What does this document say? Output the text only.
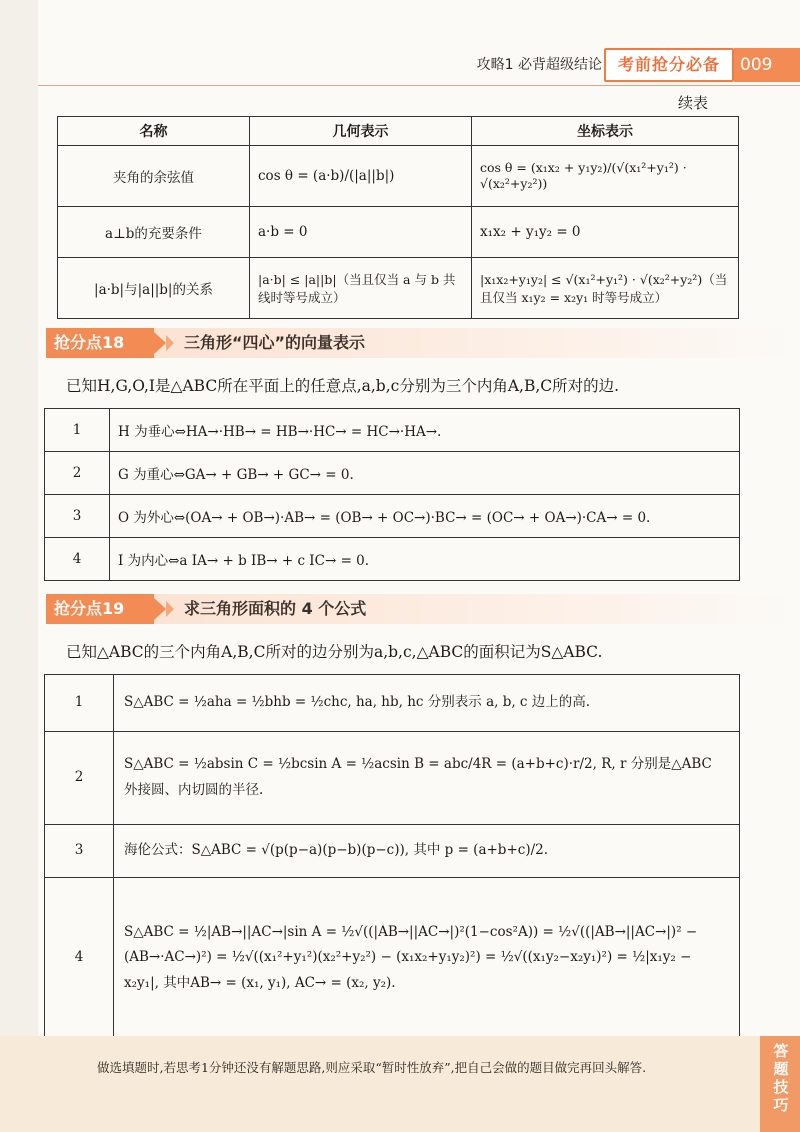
攻略1 必背超级结论 考前抢分必备	009
续表
名称	几何表示	坐标表示
夹角的余弦值	cos θ = (a·b)/(|a||b|)	cos θ = (x₁x₂ + y₁y₂)/(√(x₁²+y₁²) · √(x₂²+y₂²))
a⊥b的充要条件	a·b = 0	x₁x₂ + y₁y₂ = 0
|a·b|与|a||b|的关系	|a·b| ≤ |a||b|（当且仅当 a 与 b 共线时等号成立）	|x₁x₂+y₁y₂| ≤ √(x₁²+y₁²) · √(x₂²+y₂²)（当且仅当 x₁y₂ = x₂y₁ 时等号成立）
抢分点18	三角形“四心”的向量表示
已知H,G,O,I是△ABC所在平面上的任意点,a,b,c分别为三个内角A,B,C所对的边.
1	H 为垂心⇔HA→·HB→ = HB→·HC→ = HC→·HA→.
2	G 为重心⇔GA→ + GB→ + GC→ = 0.
3	O 为外心⇔(OA→ + OB→)·AB→ = (OB→ + OC→)·BC→ = (OC→ + OA→)·CA→ = 0.
4	I 为内心⇔a IA→ + b IB→ + c IC→ = 0.
抢分点19	求三角形面积的 4 个公式
已知△ABC的三个内角A,B,C所对的边分别为a,b,c,△ABC的面积记为S△ABC.
1	S△ABC = ½aha = ½bhb = ½chc, ha, hb, hc 分别表示 a, b, c 边上的高.
2	S△ABC = ½absin C = ½bcsin A = ½acsin B = abc/4R = (a+b+c)·r/2, R, r 分别是△ABC 外接圆、内切圆的半径.
3	海伦公式：S△ABC = √(p(p−a)(p−b)(p−c)), 其中 p = (a+b+c)/2.
4	S△ABC = ½|AB→||AC→|sin A = ½√((|AB→||AC→|)²(1−cos²A)) = ½√((|AB→||AC→|)² − (AB→·AC→)²) = ½√((x₁²+y₁²)(x₂²+y₂²) − (x₁x₂+y₁y₂)²) = ½√((x₁y₂−x₂y₁)²) = ½|x₁y₂ − x₂y₁|, 其中AB→ = (x₁, y₁), AC→ = (x₂, y₂).

做选填题时,若思考1分钟还没有解题思路,则应采取“暂时性放弃”,把自己会做的题目做完再回头解答.

答题技巧
